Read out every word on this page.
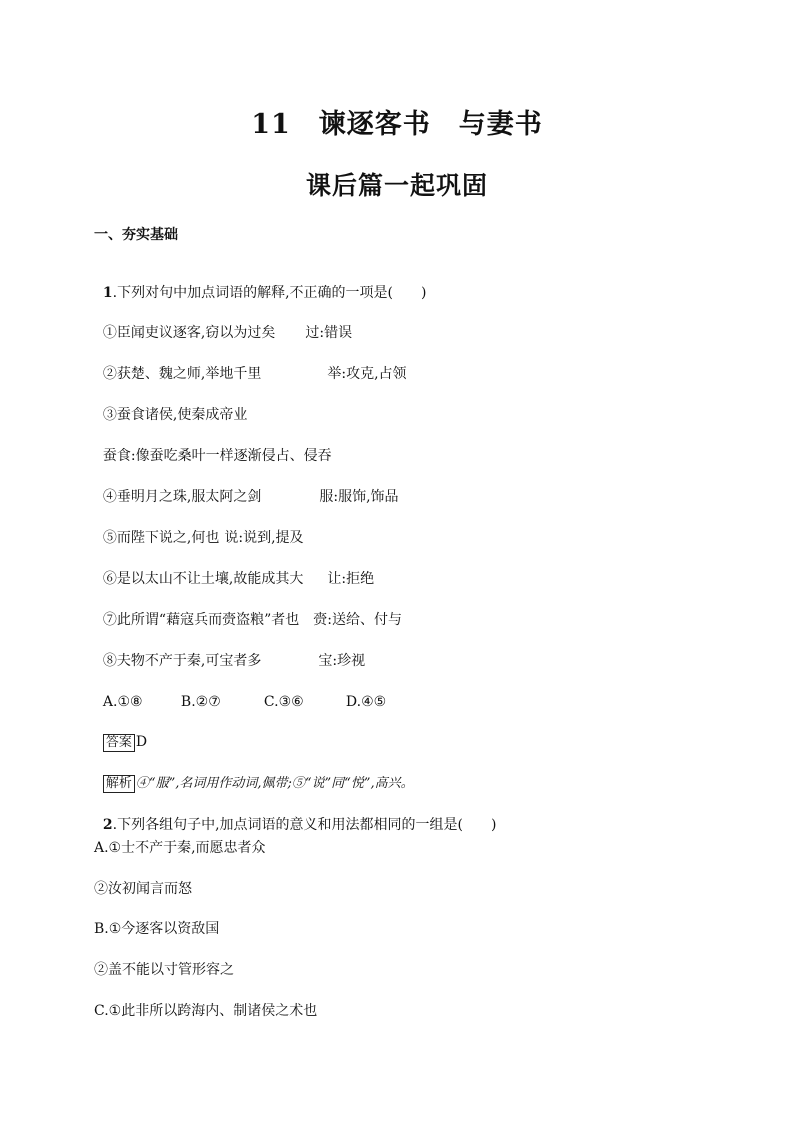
11　谏逐客书　与妻书
课后篇一起巩固
一、夯实基础

1.下列对句中加点词语的解释,不正确的一项是(　　)

①臣闻吏议逐客,窃以为过矣 过:错误

②获楚、魏之师,举地千里	举:攻克,占领

③蚕食诸侯,使秦成帝业

蚕食:像蚕吃桑叶一样逐渐侵占、侵吞

④垂明月之珠,服太阿之剑	服:服饰,饰品

⑤而陛下说之,何也 说:说到,提及

⑥是以太山不让土壤,故能成其大 让:拒绝

⑦此所谓“藉寇兵而赍盗粮”者也 赍:送给、付与

⑧夫物不产于秦,可宝者多	宝:珍视

A.①⑧	B.②⑦	C.③⑥	D.④⑤

答案 D

解析 ④“服”,名词用作动词,佩带;⑤“说”同“悦”,高兴。

2.下列各组句子中,加点词语的意义和用法都相同的一组是(　　)

A.①士不产于秦,而愿忠者众
②汝初闻言而怒
B.①今逐客以资敌国
②盖不能以寸管形容之
C.①此非所以跨海内、制诸侯之术也
